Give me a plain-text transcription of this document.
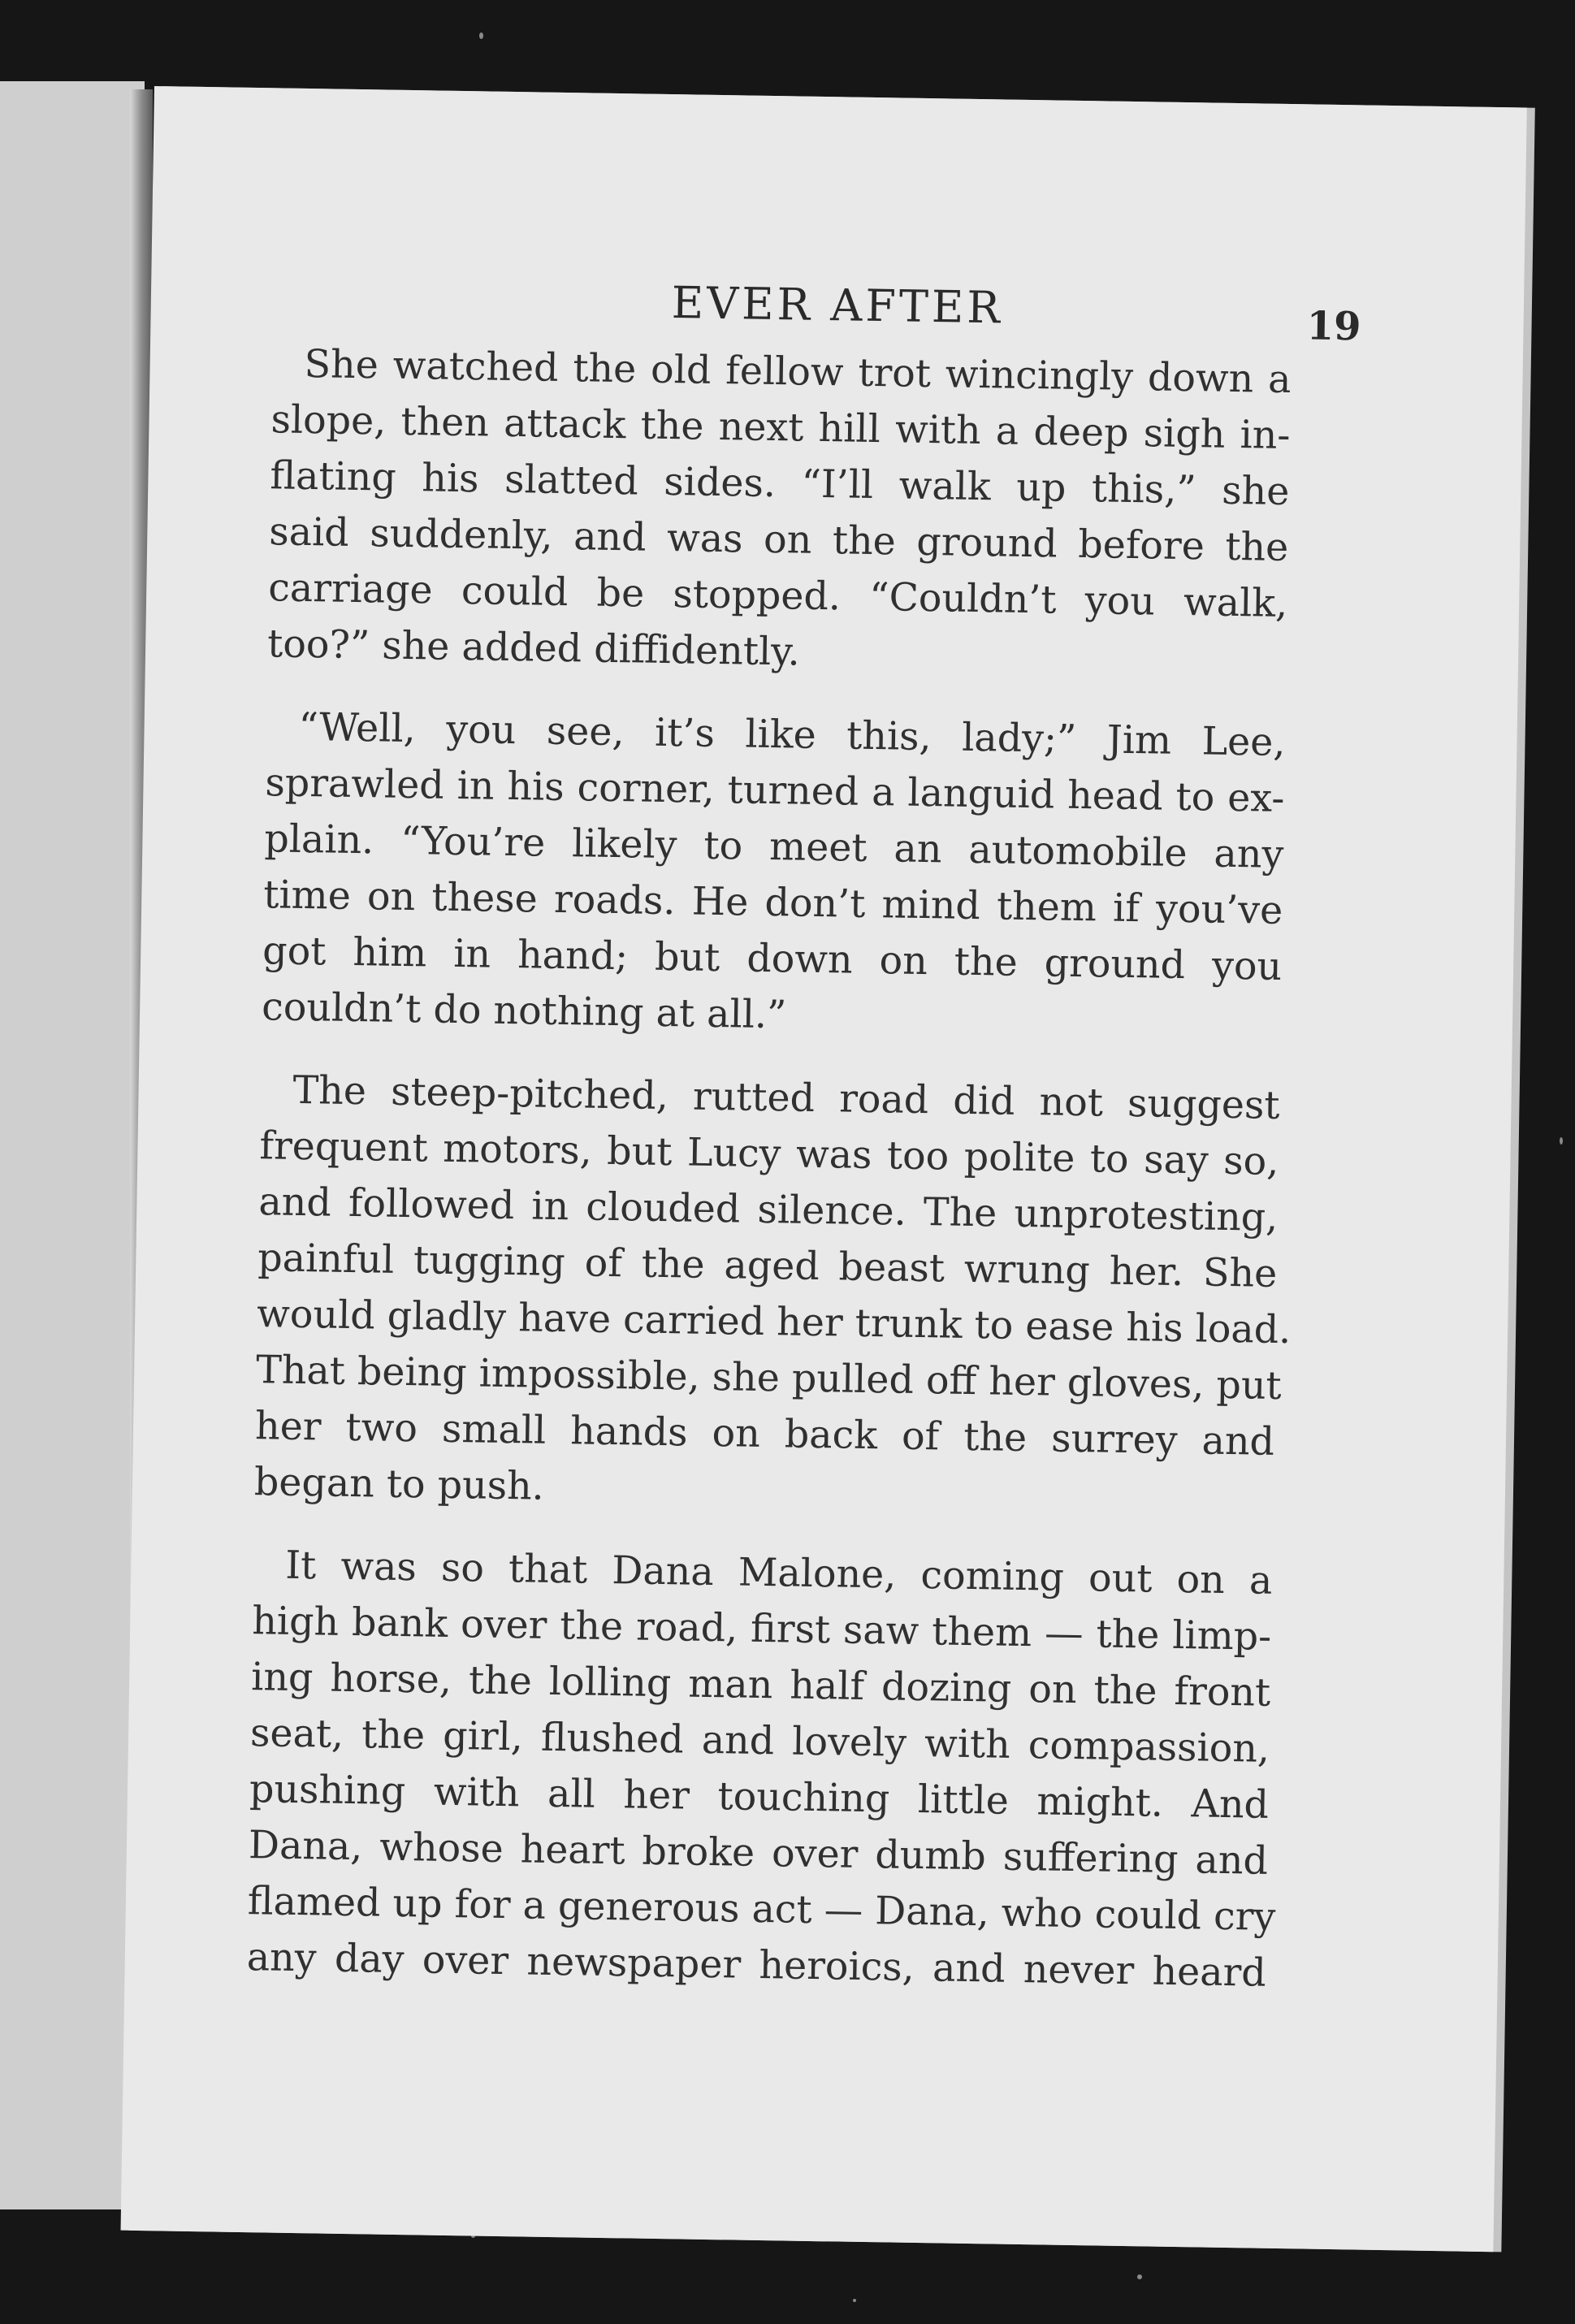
EVER AFTER	19
She watched the old fellow trot wincingly down a
slope, then attack the next hill with a deep sigh in-
flating his slatted sides. “I’ll walk up this,” she
said suddenly, and was on the ground before the
carriage could be stopped. “Couldn’t you walk,
too?” she added diffidently.
“Well, you see, it’s like this, lady;” Jim Lee,
sprawled in his corner, turned a languid head to ex-
plain. “You’re likely to meet an automobile any
time on these roads. He don’t mind them if you’ve
got him in hand; but down on the ground you
couldn’t do nothing at all.”
The steep-pitched, rutted road did not suggest
frequent motors, but Lucy was too polite to say so,
and followed in clouded silence. The unprotesting,
painful tugging of the aged beast wrung her. She
would gladly have carried her trunk to ease his load.
That being impossible, she pulled off her gloves, put
her two small hands on back of the surrey and
began to push.
It was so that Dana Malone, coming out on a
high bank over the road, first saw them — the limp-
ing horse, the lolling man half dozing on the front
seat, the girl, flushed and lovely with compassion,
pushing with all her touching little might. And
Dana, whose heart broke over dumb suffering and
flamed up for a generous act — Dana, who could cry
any day over newspaper heroics, and never heard
